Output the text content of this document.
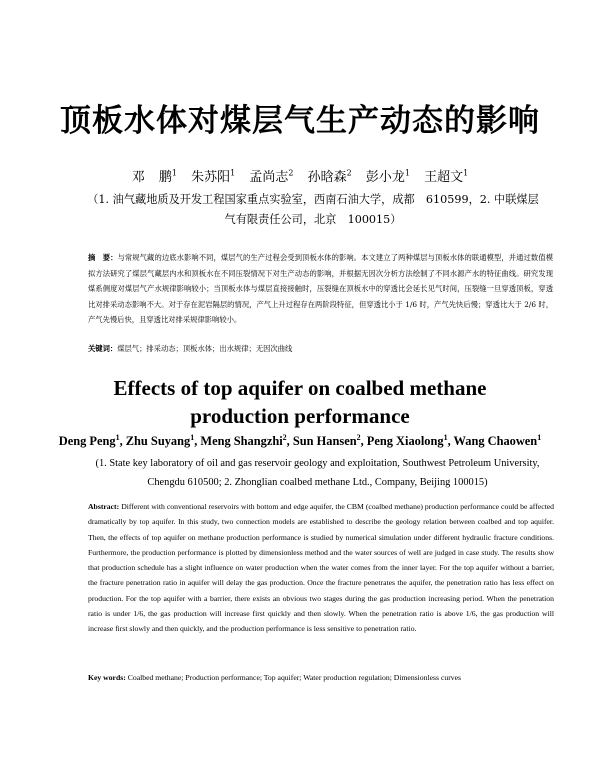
顶板水体对煤层气生产动态的影响
邓 鹏$^1$ 朱苏阳$^1$ 孟尚志$^2$ 孙晗森$^2$ 彭小龙$^1$ 王超文$^1$
（1. 油气藏地质及开发工程国家重点实验室，西南石油大学，成都　610599，2. 中联煤层
气有限责任公司，北京　100015）
摘　要：与常规气藏的边底水影响不同，煤层气的生产过程会受到顶板水体的影响。本文建立了两种煤层与顶板水体的联通模型，并通过数值模拟方法研究了煤层气藏层内水和顶板水在不同压裂情况下对生产动态的影响，并根据无因次分析方法绘制了不同水源产水的特征曲线。研究发现煤系侧度对煤层气产水规律影响较小；当顶板水体与煤层直接接触时，压裂缝在顶板水中的穿透比会延长见气时间，压裂缝一旦穿透顶板，穿透比对排采动态影响不大。对于存在泥岩隔层的情况，产气上升过程存在两阶段特征，但穿透比小于 1/6 时，产气先快后慢；穿透比大于 2/6 时，产气先慢后快，且穿透比对排采规律影响较小。
关键词：煤层气；排采动态；顶板水体；出水规律；无因次曲线
Effects of top aquifer on coalbed methane
production performance
Deng Peng$^1$, Zhu Suyang$^1$, Meng Shangzhi$^2$, Sun Hansen$^2$, Peng Xiaolong$^1$, Wang Chaowen$^1$
(1. State key laboratory of oil and gas reservoir geology and exploitation, Southwest Petroleum University,
Chengdu 610500; 2. Zhonglian coalbed methane Ltd., Company, Beijing 100015)
Abstract: Different with conventional reservoirs with bottom and edge aquifer, the CBM (coalbed methane) production performance could be affected dramatically by top aquifer. In this study, two connection models are established to describe the geology relation between coalbed and top aquifer. Then, the effects of top aquifer on methane production performance is studied by numerical simulation under different hydraulic fracture conditions. Furthermore, the production performance is plotted by dimensionless method and the water sources of well are judged in case study. The results show that production schedule has a slight influence on water production when the water comes from the inner layer. For the top aquifer without a barrier, the fracture penetration ratio in aquifer will delay the gas production. Once the fracture penetrates the aquifer, the penetration ratio has less effect on production. For the top aquifer with a barrier, there exists an obvious two stages during the gas production increasing period. When the penetration ratio is under 1/6, the gas production will increase first quickly and then slowly. When the penetration ratio is above 1/6, the gas production will increase first slowly and then quickly, and the production performance is less sensitive to penetration ratio.
Key words: Coalbed methane; Production performance; Top aquifer; Water production regulation; Dimensionless curves
